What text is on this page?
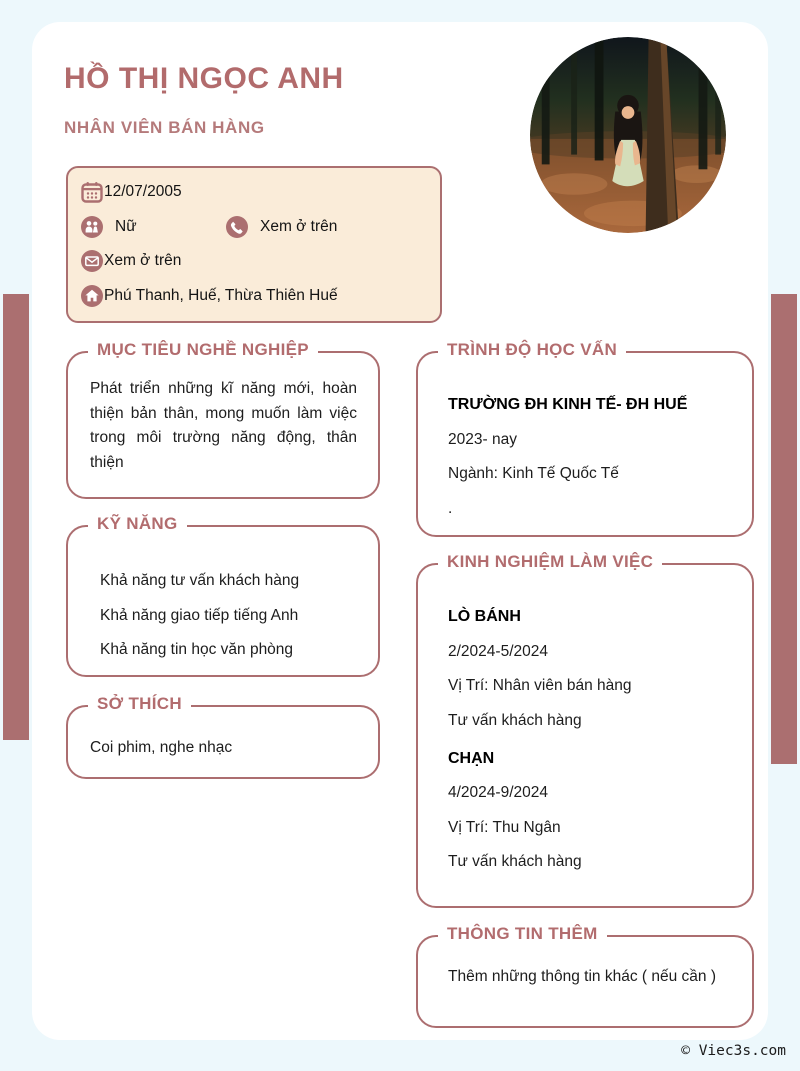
HỒ THỊ NGỌC ANH
NHÂN VIÊN BÁN HÀNG
12/07/2005
Nữ	Xem ở trên
Xem ở trên
Phú Thanh, Huế, Thừa Thiên Huế
MỤC TIÊU NGHỀ NGHIỆP
Phát triển những kĩ năng mới, hoàn thiện bản thân, mong muốn làm việc trong môi trường năng động, thân thiện
KỸ NĂNG
Khả năng tư vấn khách hàng
Khả năng giao tiếp tiếng Anh
Khả năng tin học văn phòng
SỞ THÍCH
Coi phim, nghe nhạc
TRÌNH ĐỘ HỌC VẤN
TRƯỜNG ĐH KINH TẾ- ĐH HUẾ
2023- nay
Ngành: Kinh Tế Quốc Tế
.
KINH NGHIỆM LÀM VIỆC
LÒ BÁNH
2/2024-5/2024
Vị Trí: Nhân viên bán hàng
Tư vấn khách hàng
CHẠN
4/2024-9/2024
Vị Trí: Thu Ngân
Tư vấn khách hàng
THÔNG TIN THÊM
Thêm những thông tin khác ( nếu cần )
© Viec3s.com
